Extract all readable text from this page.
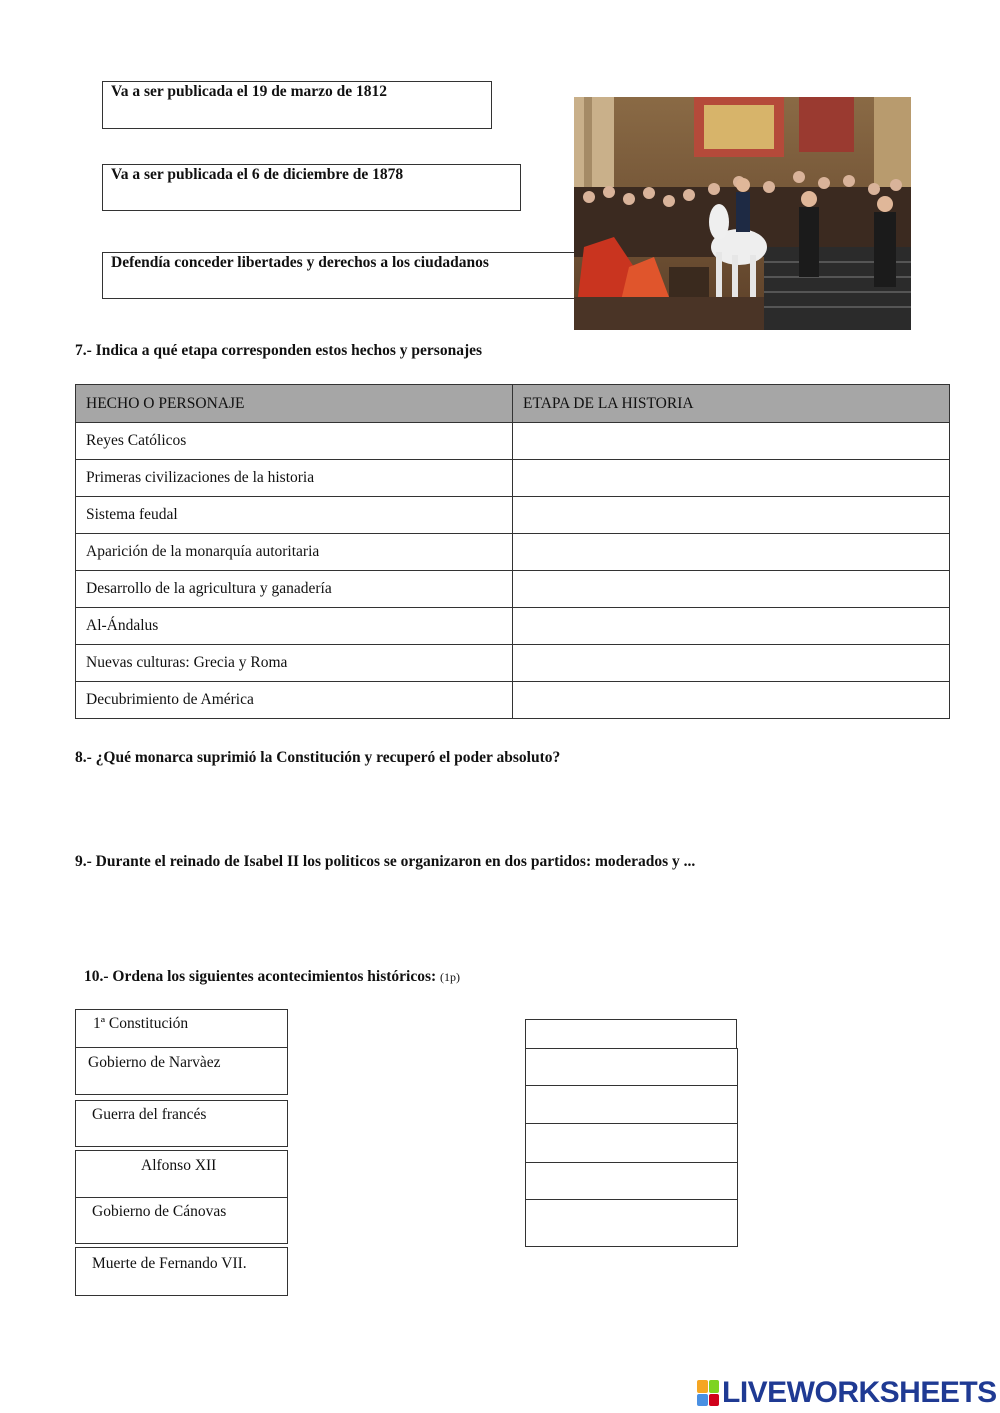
Va a ser publicada el 19 de marzo de 1812
Va a ser publicada el 6 de diciembre de 1878
Defendía conceder libertades y derechos a los ciudadanos
7.- Indica a qué etapa corresponden estos hechos y personajes
HECHO O PERSONAJE	ETAPA DE LA HISTORIA
Reyes Católicos	
Primeras civilizaciones de la historia	
Sistema feudal	
Aparición de la monarquía autoritaria	
Desarrollo de la agricultura y ganadería	
Al-Ándalus	
Nuevas culturas: Grecia y Roma	
Decubrimiento de América	
8.- ¿Qué monarca suprimió la Constitución y recuperó el poder absoluto?
9.- Durante el reinado de Isabel II los politicos se organizaron en dos partidos: moderados y ...
10.- Ordena los siguientes acontecimientos históricos: (1p)
1ª Constitución
Gobierno de Narvàez
Guerra del francés
Alfonso XII
Gobierno de Cánovas
Muerte de Fernando VII.
LIVEWORKSHEETS
